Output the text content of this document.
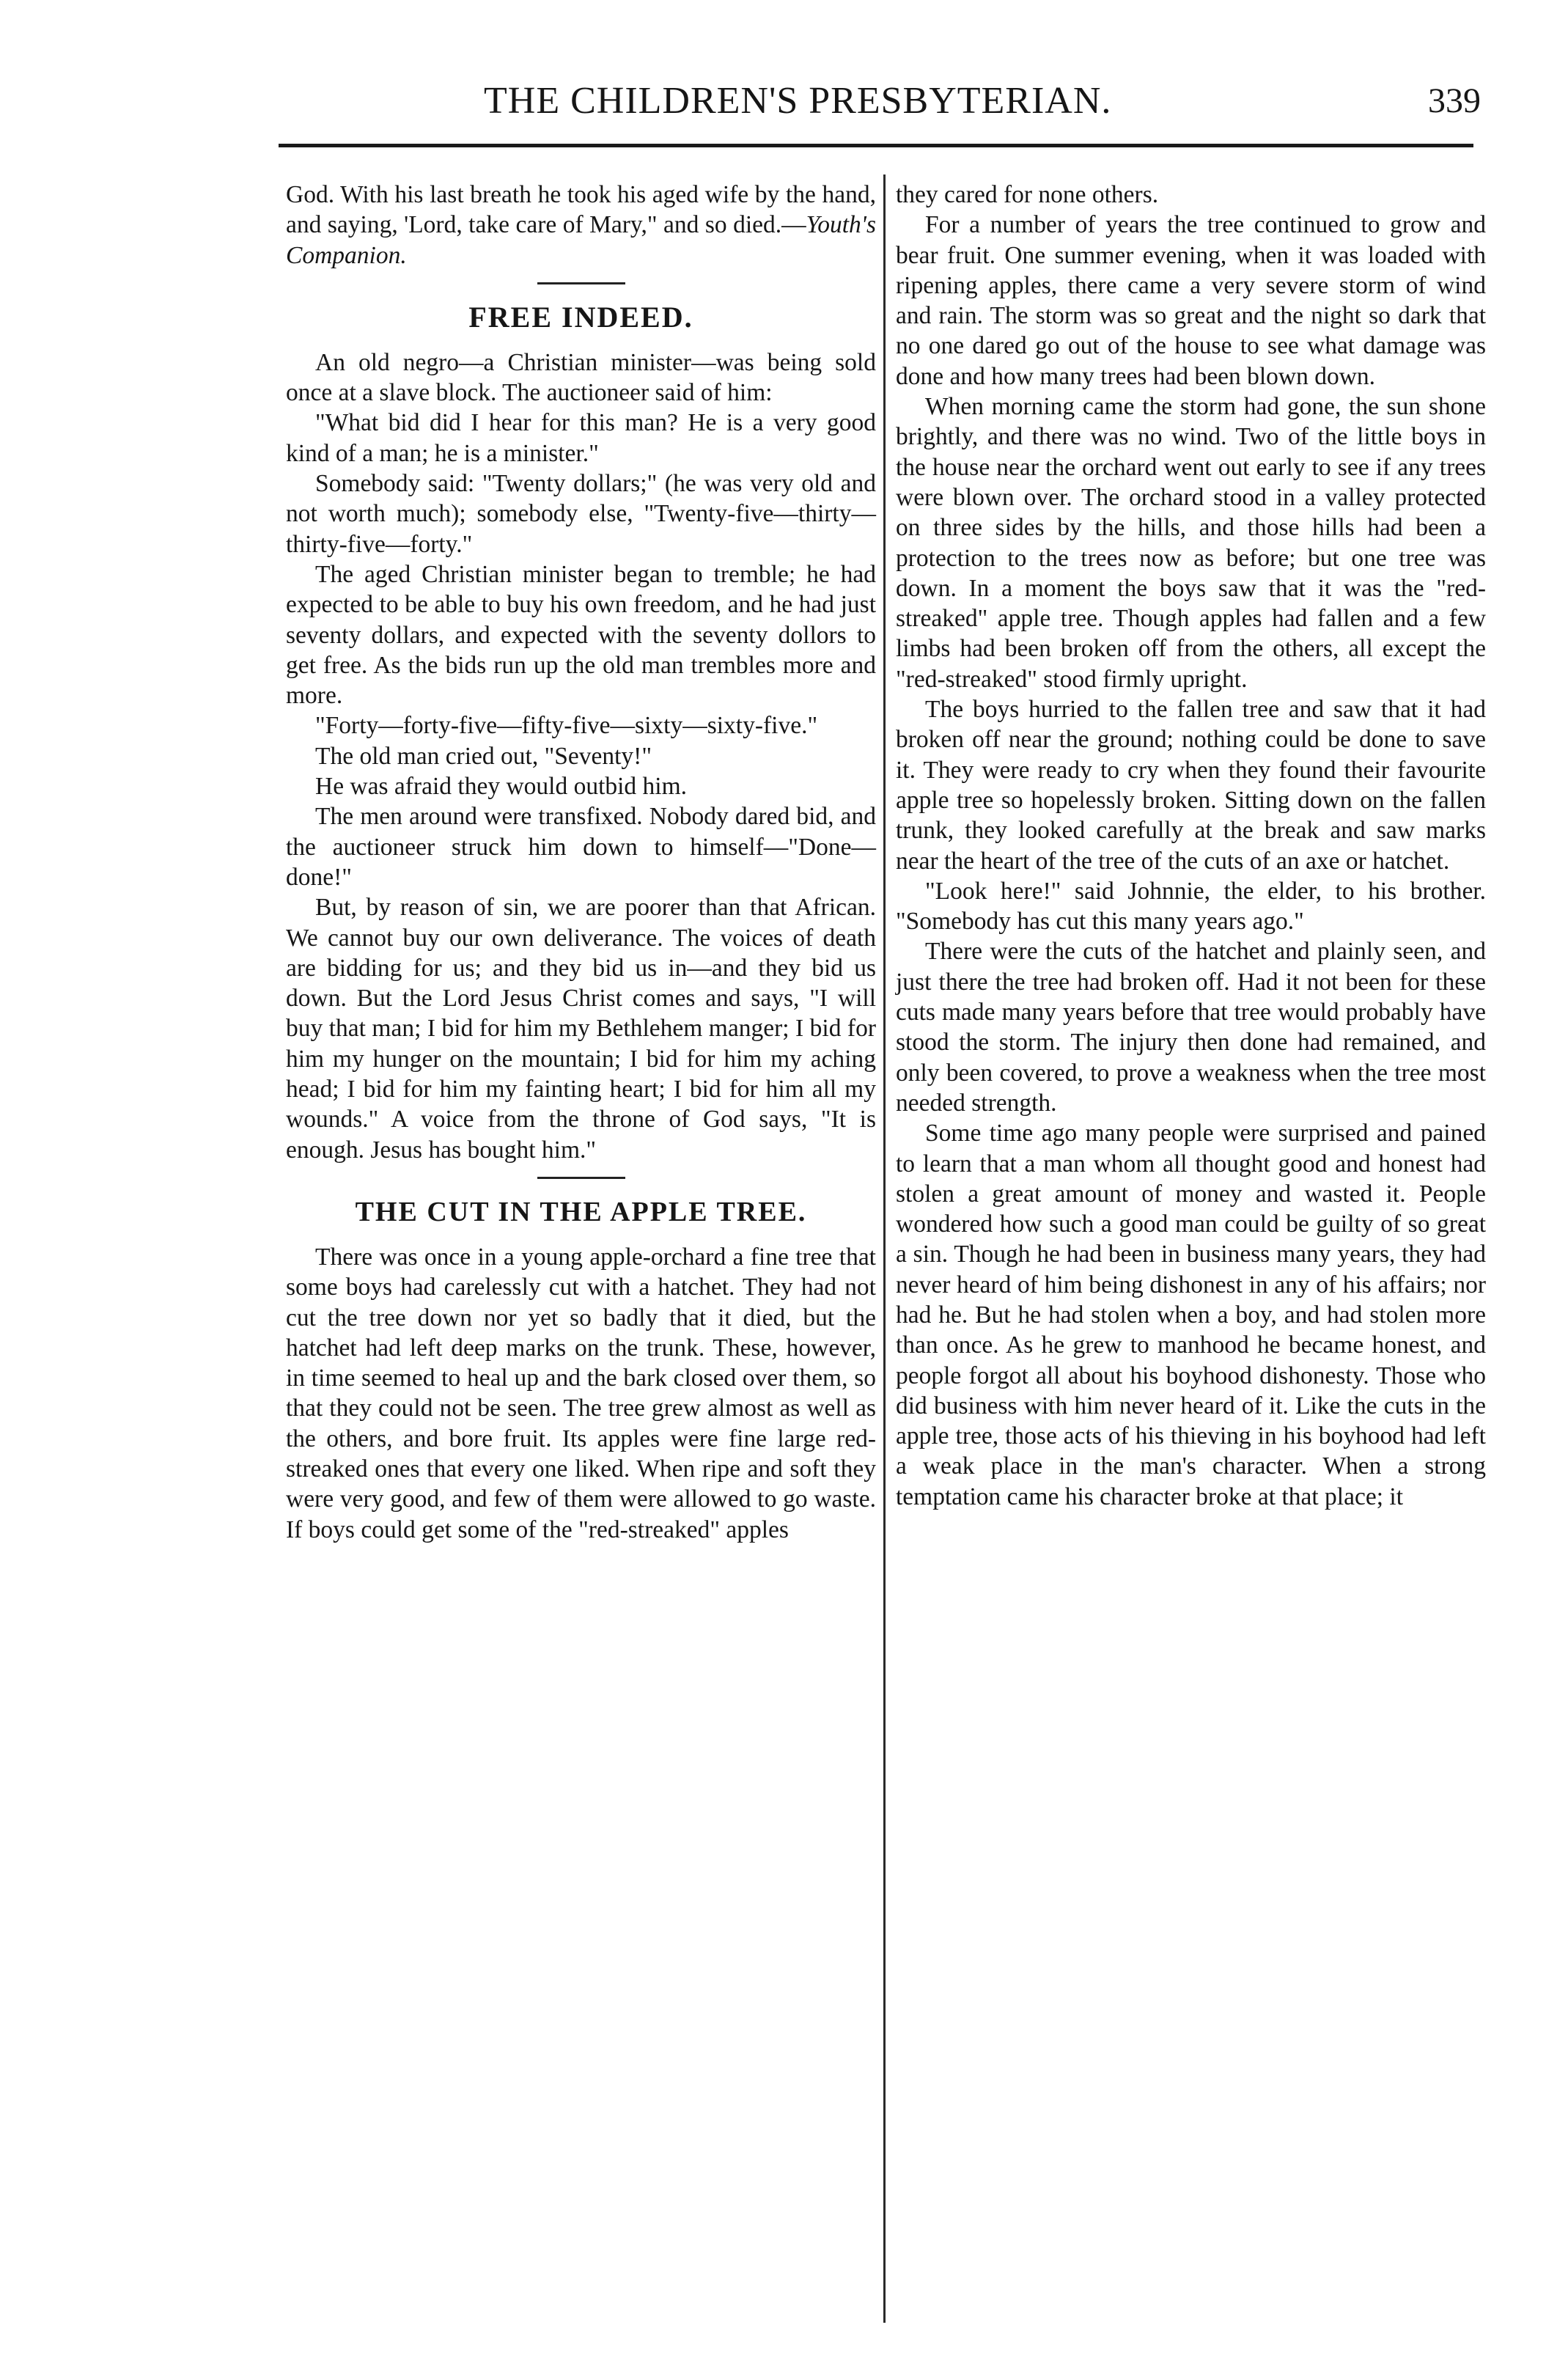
THE CHILDREN'S PRESBYTERIAN.	339

God. With his last breath he took his aged wife by the hand, and saying, 'Lord, take care of Mary," and so died.—Youth's Companion.

FREE INDEED.

An old negro—a Christian minister—was being sold once at a slave block. The auctioneer said of him:

"What bid did I hear for this man? He is a very good kind of a man; he is a minister."

Somebody said: "Twenty dollars;" (he was very old and not worth much); somebody else, "Twenty-five—thirty—thirty-five—forty."

The aged Christian minister began to tremble; he had expected to be able to buy his own freedom, and he had just seventy dollars, and expected with the seventy dollors to get free. As the bids run up the old man trembles more and more.

"Forty—forty-five—fifty-five—sixty—sixty-five."

The old man cried out, "Seventy!"

He was afraid they would outbid him.

The men around were transfixed. Nobody dared bid, and the auctioneer struck him down to himself—"Done—done!"

But, by reason of sin, we are poorer than that African. We cannot buy our own deliverance. The voices of death are bidding for us; and they bid us in—and they bid us down. But the Lord Jesus Christ comes and says, "I will buy that man; I bid for him my Bethlehem manger; I bid for him my hunger on the mountain; I bid for him my aching head; I bid for him my fainting heart; I bid for him all my wounds." A voice from the throne of God says, "It is enough. Jesus has bought him."

THE CUT IN THE APPLE TREE.

There was once in a young apple-orchard a fine tree that some boys had carelessly cut with a hatchet. They had not cut the tree down nor yet so badly that it died, but the hatchet had left deep marks on the trunk. These, however, in time seemed to heal up and the bark closed over them, so that they could not be seen. The tree grew almost as well as the others, and bore fruit. Its apples were fine large red-streaked ones that every one liked. When ripe and soft they were very good, and few of them were allowed to go waste. If boys could get some of the "red-streaked" apples

they cared for none others.

For a number of years the tree continued to grow and bear fruit. One summer evening, when it was loaded with ripening apples, there came a very severe storm of wind and rain. The storm was so great and the night so dark that no one dared go out of the house to see what damage was done and how many trees had been blown down.

When morning came the storm had gone, the sun shone brightly, and there was no wind. Two of the little boys in the house near the orchard went out early to see if any trees were blown over. The orchard stood in a valley protected on three sides by the hills, and those hills had been a protection to the trees now as before; but one tree was down. In a moment the boys saw that it was the "red-streaked" apple tree. Though apples had fallen and a few limbs had been broken off from the others, all except the "red-streaked" stood firmly upright.

The boys hurried to the fallen tree and saw that it had broken off near the ground; nothing could be done to save it. They were ready to cry when they found their favourite apple tree so hopelessly broken. Sitting down on the fallen trunk, they looked carefully at the break and saw marks near the heart of the tree of the cuts of an axe or hatchet.

"Look here!" said Johnnie, the elder, to his brother. "Somebody has cut this many years ago."

There were the cuts of the hatchet and plainly seen, and just there the tree had broken off. Had it not been for these cuts made many years before that tree would probably have stood the storm. The injury then done had remained, and only been covered, to prove a weakness when the tree most needed strength.

Some time ago many people were surprised and pained to learn that a man whom all thought good and honest had stolen a great amount of money and wasted it. People wondered how such a good man could be guilty of so great a sin. Though he had been in business many years, they had never heard of him being dishonest in any of his affairs; nor had he. But he had stolen when a boy, and had stolen more than once. As he grew to manhood he became honest, and people forgot all about his boyhood dishonesty. Those who did business with him never heard of it. Like the cuts in the apple tree, those acts of his thieving in his boyhood had left a weak place in the man's character. When a strong temptation came his character broke at that place; it
